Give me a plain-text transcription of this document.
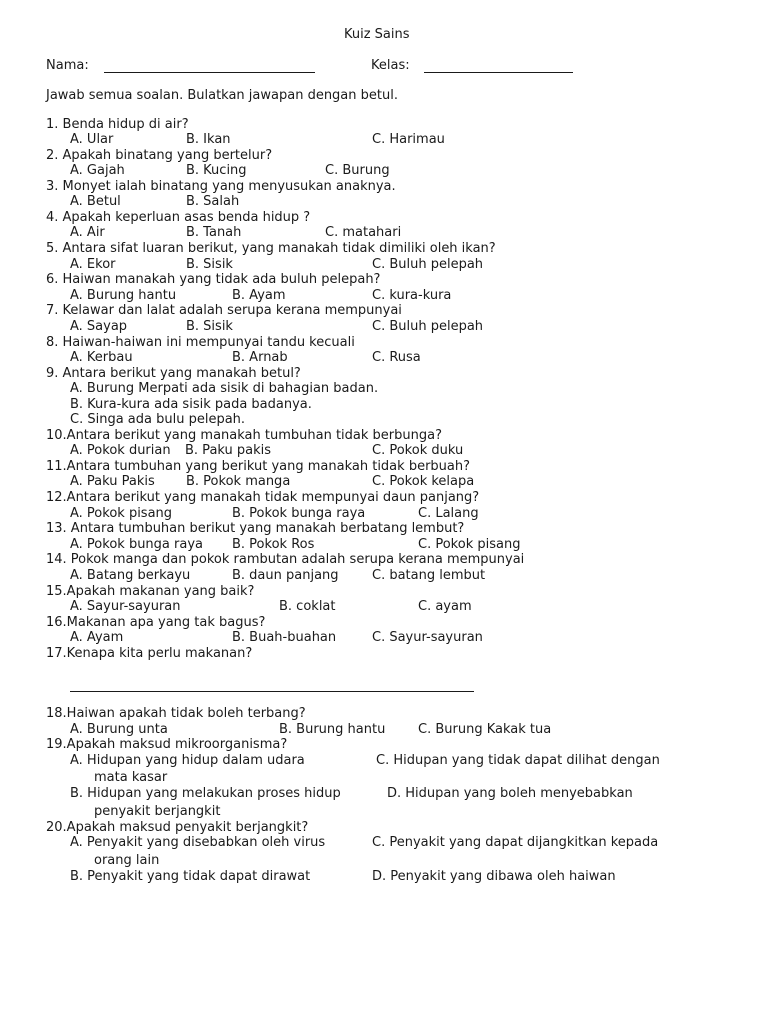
Kuiz Sains
Nama:	Kelas:
Jawab semua soalan. Bulatkan jawapan dengan betul.
1. Benda hidup di air?
A. Ular	B. Ikan	C. Harimau
2. Apakah binatang yang bertelur?
A. Gajah	B. Kucing	C. Burung
3. Monyet ialah binatang yang menyusukan anaknya.
A. Betul	B. Salah
4. Apakah keperluan asas benda hidup ?
A. Air	B. Tanah	C. matahari
5. Antara sifat luaran berikut, yang manakah tidak dimiliki oleh ikan?
A. Ekor	B. Sisik	C. Buluh pelepah
6. Haiwan manakah yang tidak ada buluh pelepah?
A. Burung hantu	B. Ayam	C. kura-kura
7. Kelawar dan lalat adalah serupa kerana mempunyai
A. Sayap	B. Sisik	C. Buluh pelepah
8. Haiwan-haiwan ini mempunyai tandu kecuali
A. Kerbau	B. Arnab	C. Rusa
9. Antara berikut yang manakah betul?
A. Burung Merpati ada sisik di bahagian badan.
B. Kura-kura ada sisik pada badanya.
C. Singa ada bulu pelepah.
10.Antara berikut yang manakah tumbuhan tidak berbunga?
A. Pokok durian B. Paku pakis	C. Pokok duku
11.Antara tumbuhan yang berikut yang manakah tidak berbuah?
A. Paku Pakis B. Pokok manga	C. Pokok kelapa
12.Antara berikut yang manakah tidak mempunyai daun panjang?
A. Pokok pisang	B. Pokok bunga raya	C. Lalang
13. Antara tumbuhan berikut yang manakah berbatang lembut?
A. Pokok bunga raya B. Pokok Ros	C. Pokok pisang
14. Pokok manga dan pokok rambutan adalah serupa kerana mempunyai
A. Batang berkayu	B. daun panjang	C. batang lembut
15.Apakah makanan yang baik?
A. Sayur-sayuran	B. coklat	C. ayam
16.Makanan apa yang tak bagus?
A. Ayam	B. Buah-buahan	C. Sayur-sayuran
17.Kenapa kita perlu makanan?
18.Haiwan apakah tidak boleh terbang?
A. Burung unta	B. Burung hantu	C. Burung Kakak tua
19.Apakah maksud mikroorganisma?
A. Hidupan yang hidup dalam udara	C. Hidupan yang tidak dapat dilihat dengan
mata kasar
B. Hidupan yang melakukan proses hidup	D. Hidupan yang boleh menyebabkan
penyakit berjangkit
20.Apakah maksud penyakit berjangkit?
A. Penyakit yang disebabkan oleh virus	C. Penyakit yang dapat dijangkitkan kepada
orang lain
B. Penyakit yang tidak dapat dirawat	D. Penyakit yang dibawa oleh haiwan
